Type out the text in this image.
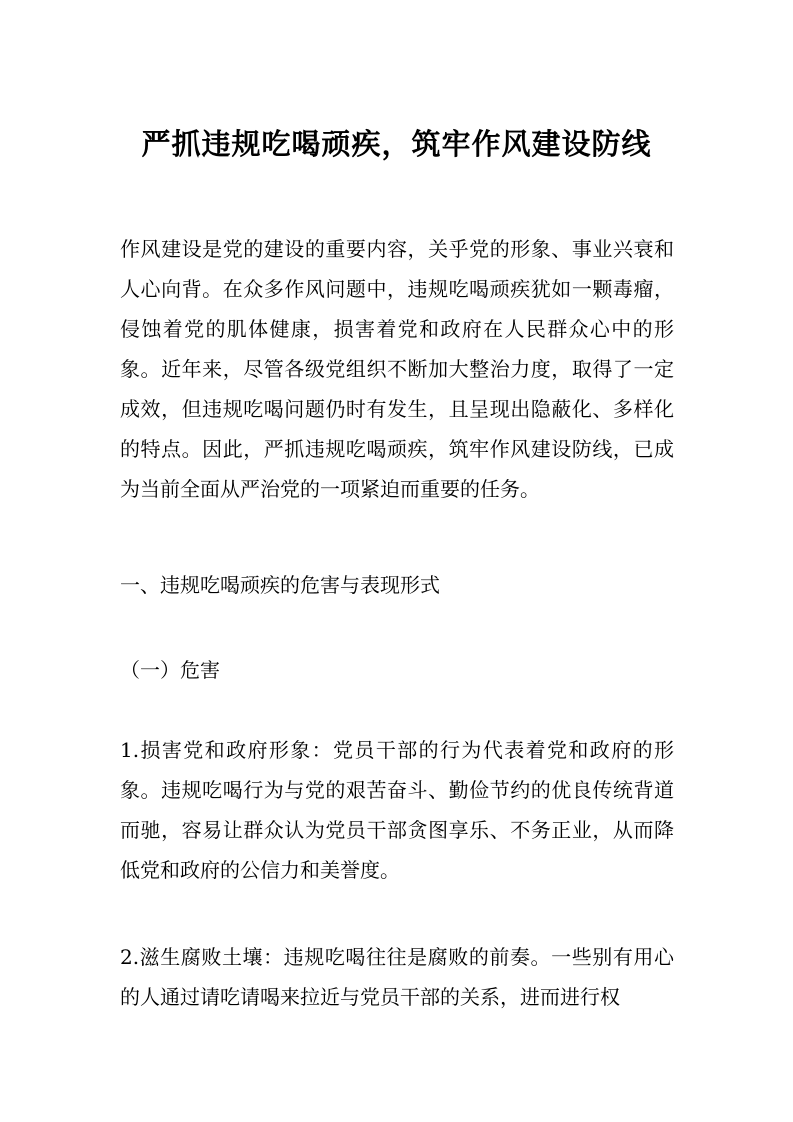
严抓违规吃喝顽疾，筑牢作风建设防线

作风建设是党的建设的重要内容，关乎党的形象、事业兴衰和人心向背。在众多作风问题中，违规吃喝顽疾犹如一颗毒瘤，侵蚀着党的肌体健康，损害着党和政府在人民群众心中的形象。近年来，尽管各级党组织不断加大整治力度，取得了一定成效，但违规吃喝问题仍时有发生，且呈现出隐蔽化、多样化的特点。因此，严抓违规吃喝顽疾，筑牢作风建设防线，已成为当前全面从严治党的一项紧迫而重要的任务。

一、违规吃喝顽疾的危害与表现形式

（一）危害

1.损害党和政府形象：党员干部的行为代表着党和政府的形象。违规吃喝行为与党的艰苦奋斗、勤俭节约的优良传统背道而驰，容易让群众认为党员干部贪图享乐、不务正业，从而降低党和政府的公信力和美誉度。

2.滋生腐败土壤：违规吃喝往往是腐败的前奏。一些别有用心的人通过请吃请喝来拉近与党员干部的关系，进而进行权
